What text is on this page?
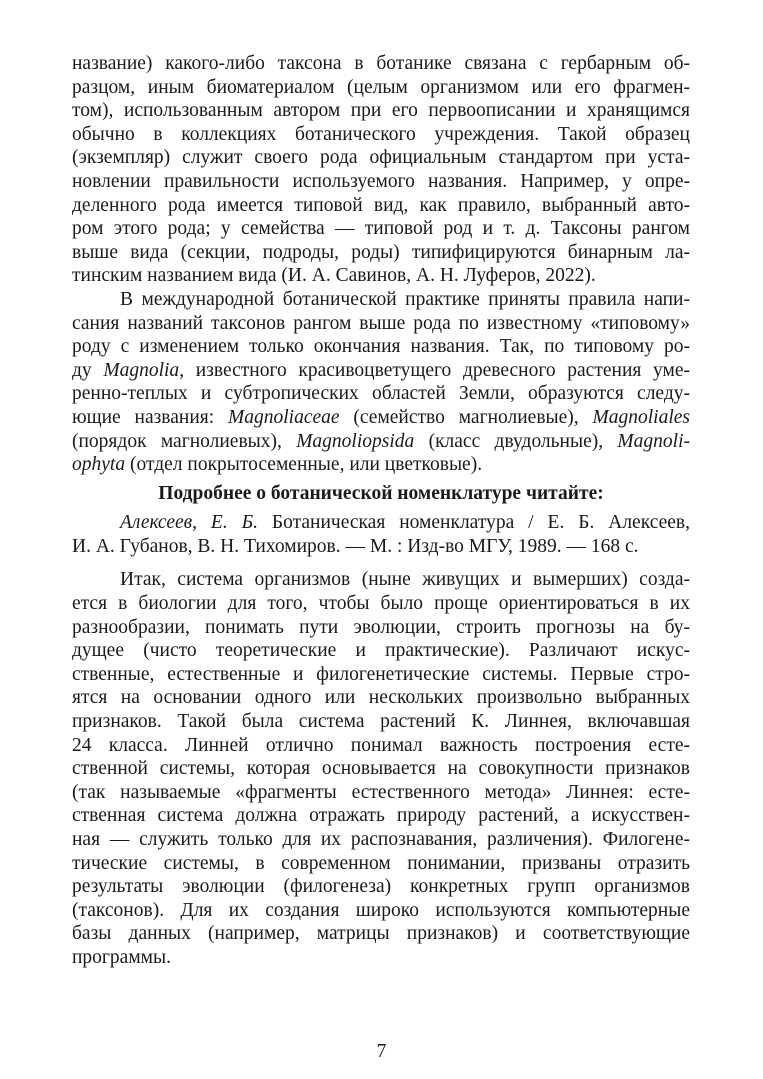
название) какого-либо таксона в ботанике связана с гербарным об-
разцом, иным биоматериалом (целым организмом или его фрагмен-
том), использованным автором при его первоописании и хранящимся
обычно в коллекциях ботанического учреждения. Такой образец
(экземпляр) служит своего рода официальным стандартом при уста-
новлении правильности используемого названия. Например, у опре-
деленного рода имеется типовой вид, как правило, выбранный авто-
ром этого рода; у семейства — типовой род и т. д. Таксоны рангом
выше вида (секции, подроды, роды) типифицируются бинарным ла-
тинским названием вида (И. А. Савинов, А. Н. Луферов, 2022).
В международной ботанической практике приняты правила напи-
сания названий таксонов рангом выше рода по известному «типовому»
роду с изменением только окончания названия. Так, по типовому ро-
ду Magnolia, известного красивоцветущего древесного растения уме-
ренно-теплых и субтропических областей Земли, образуются следу-
ющие названия: Magnoliaceae (семейство магнолиевые), Magnoliales
(порядок магнолиевых), Magnoliopsida (класс двудольные), Magnoli-
ophyta (отдел покрытосеменные, или цветковые).
Подробнее о ботанической номенклатуре читайте:
Алексеев, Е. Б. Ботаническая номенклатура / Е. Б. Алексеев,
И. А. Губанов, В. Н. Тихомиров. — М. : Изд-во МГУ, 1989. — 168 с.
Итак, система организмов (ныне живущих и вымерших) созда-
ется в биологии для того, чтобы было проще ориентироваться в их
разнообразии, понимать пути эволюции, строить прогнозы на бу-
дущее (чисто теоретические и практические). Различают искус-
ственные, естественные и филогенетические системы. Первые стро-
ятся на основании одного или нескольких произвольно выбранных
признаков. Такой была система растений К. Линнея, включавшая
24 класса. Линней отлично понимал важность построения есте-
ственной системы, которая основывается на совокупности признаков
(так называемые «фрагменты естественного метода» Линнея: есте-
ственная система должна отражать природу растений, а искусствен-
ная — служить только для их распознавания, различения). Филогене-
тические системы, в современном понимании, призваны отразить
результаты эволюции (филогенеза) конкретных групп организмов
(таксонов). Для их создания широко используются компьютерные
базы данных (например, матрицы признаков) и соответствующие
программы.
7
